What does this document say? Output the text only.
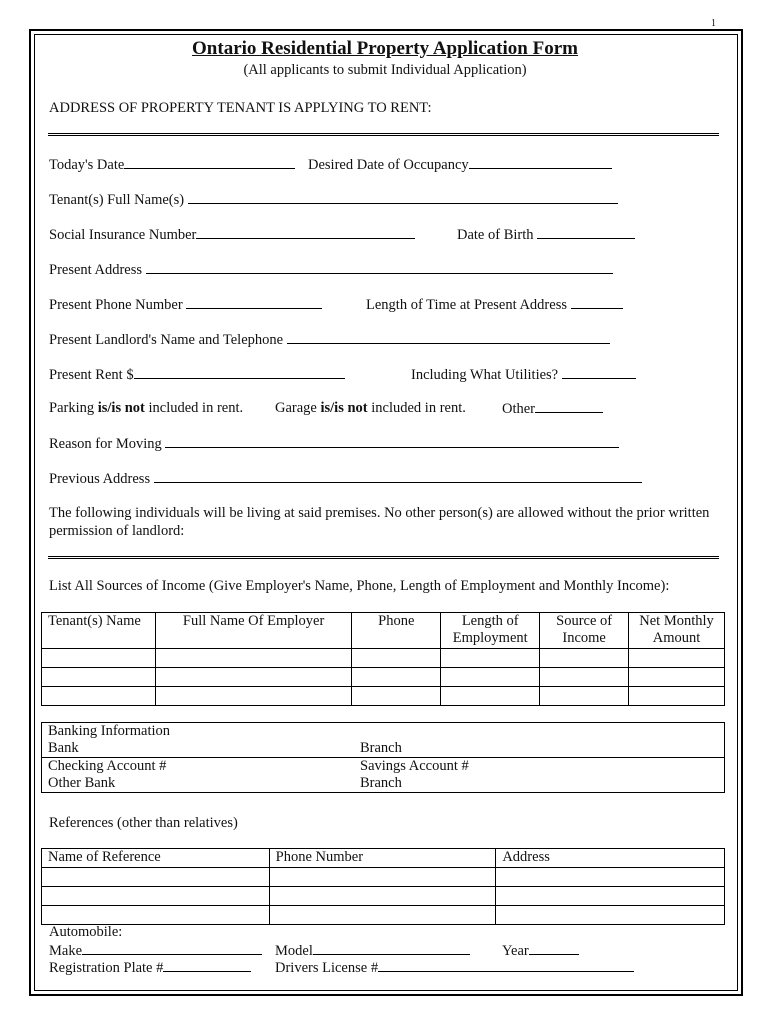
1
Ontario Residential Property Application Form
(All applicants to submit Individual Application)
ADDRESS OF PROPERTY TENANT IS APPLYING TO RENT:
Today's Date	Desired Date of Occupancy
Tenant(s) Full Name(s)
Social Insurance Number	Date of Birth
Present Address
Present Phone Number	Length of Time at Present Address
Present Landlord's Name and Telephone
Present Rent $	Including What Utilities?
Parking is/is not included in rent. Garage is/is not included in rent. Other
Reason for Moving
Previous Address
The following individuals will be living at said premises. No other person(s) are allowed without the prior written permission of landlord:
List All Sources of Income (Give Employer's Name, Phone, Length of Employment and Monthly Income):
Tenant(s) Name	Full Name Of Employer	Phone	Length of Employment	Source of Income	Net Monthly Amount

Banking Information	
Bank	Branch
Checking Account #	Savings Account #
Other Bank	Branch
References (other than relatives)
Name of Reference	Phone Number	Address

Automobile:
Make	Model	Year
Registration Plate #	Drivers License #
